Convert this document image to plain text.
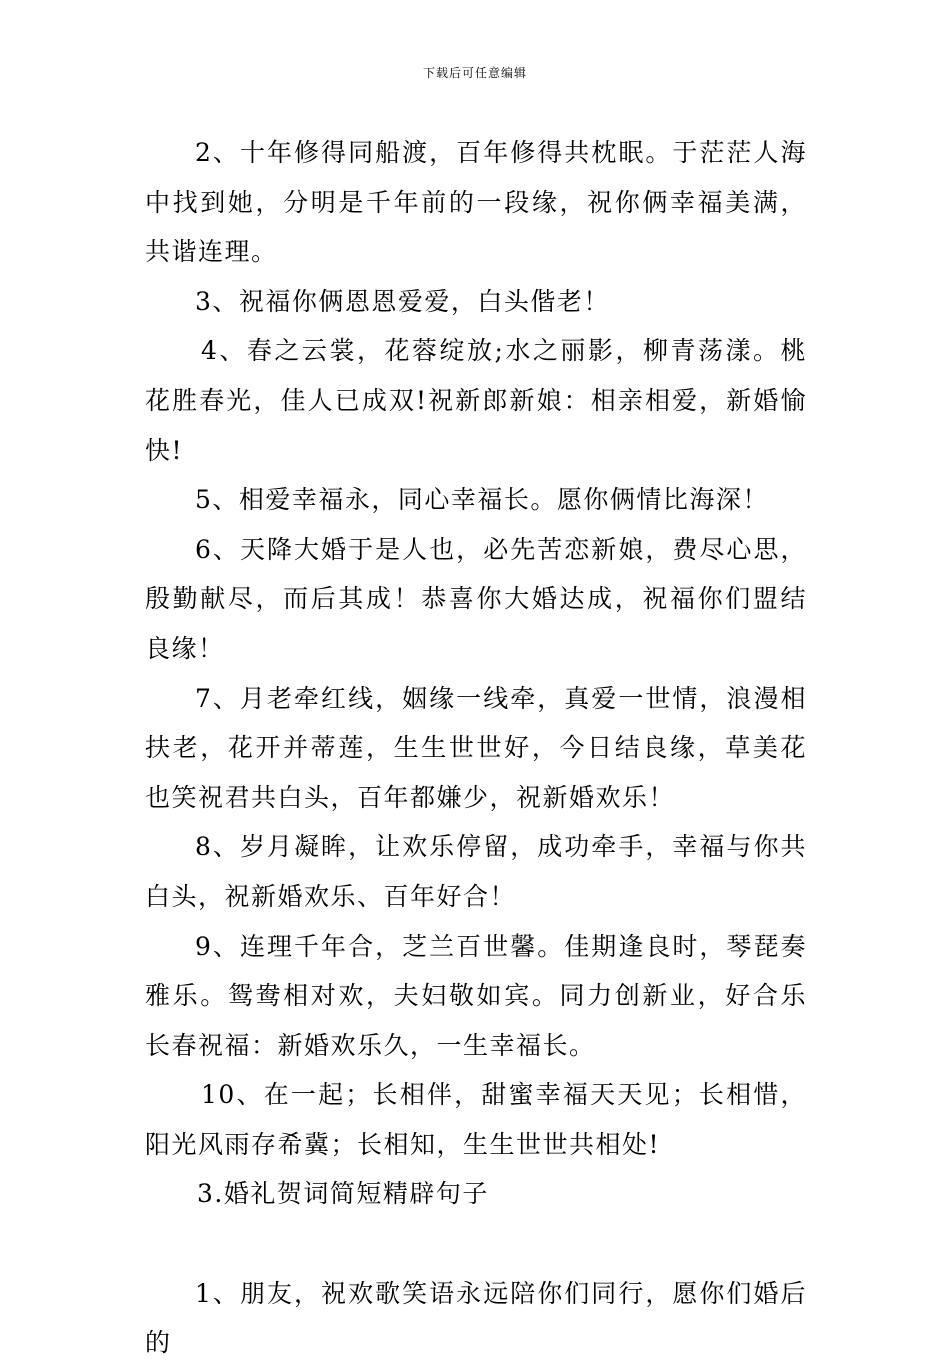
下载后可任意编辑

2、十年修得同船渡，百年修得共枕眠。于茫茫人海中找到她，分明是千年前的一段缘，祝你俩幸福美满，共谐连理。

3、祝福你俩恩恩爱爱，白头偕老！

4、春之云裳，花蓉绽放;水之丽影，柳青荡漾。桃花胜春光，佳人已成双!祝新郎新娘：相亲相爱，新婚愉快!

5、相爱幸福永，同心幸福长。愿你俩情比海深！

6、天降大婚于是人也，必先苦恋新娘，费尽心思，殷勤献尽，而后其成！恭喜你大婚达成，祝福你们盟结良缘！

7、月老牵红线，姻缘一线牵，真爱一世情，浪漫相扶老，花开并蒂莲，生生世世好，今日结良缘，草美花也笑祝君共白头，百年都嫌少，祝新婚欢乐！

8、岁月凝眸，让欢乐停留，成功牵手，幸福与你共白头，祝新婚欢乐、百年好合！

9、连理千年合，芝兰百世馨。佳期逢良时，琴琵奏雅乐。鸳鸯相对欢，夫妇敬如宾。同力创新业，好合乐长春祝福：新婚欢乐久，一生幸福长。

10、在一起；长相伴，甜蜜幸福天天见；长相惜，阳光风雨存希冀；长相知，生生世世共相处!

3.婚礼贺词简短精辟句子

1、朋友，祝欢歌笑语永远陪你们同行，愿你们婚后的
